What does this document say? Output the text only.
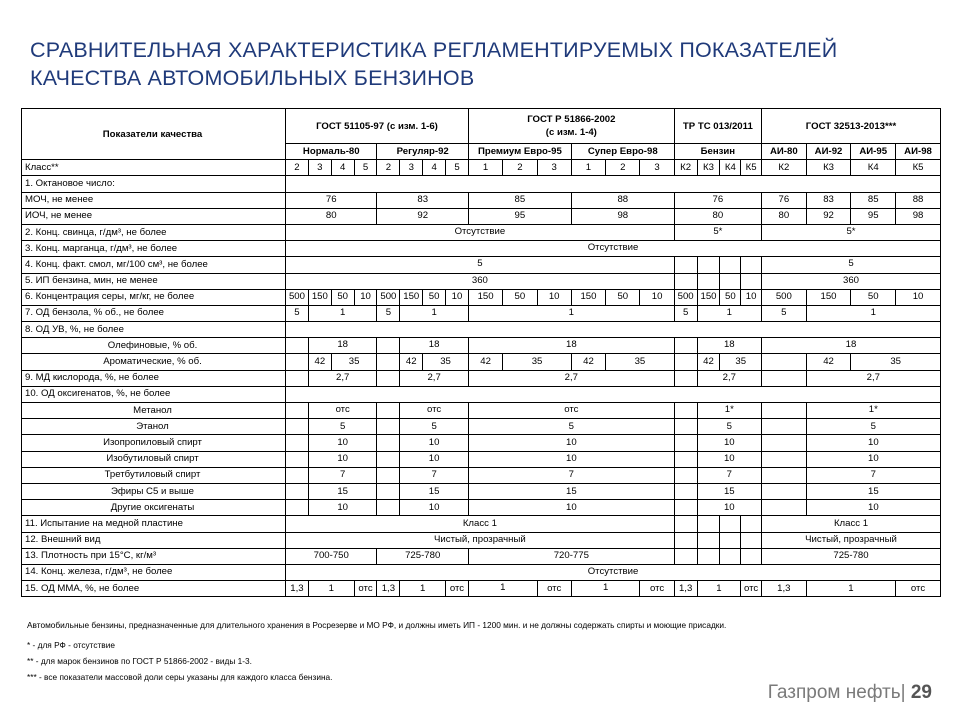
СРАВНИТЕЛЬНАЯ ХАРАКТЕРИСТИКА РЕГЛАМЕНТИРУЕМЫХ ПОКАЗАТЕЛЕЙ
КАЧЕСТВА АВТОМОБИЛЬНЫХ БЕНЗИНОВ
Показатели качества	ГОСТ 51105-97 (с изм. 1-6)								ГОСТ Р 51866-2002
(с изм. 1-4)						ТР ТС 013/2011				ГОСТ 32513-2013***			
	Нормаль-80				Регуляр-92				Премиум Евро-95			Супер Евро-98			Бензин				АИ-80	АИ-92	АИ-95	АИ-98
Класс**	2	3	4	5	2	3	4	5	1	2	3	1	2	3	К2	К3	К4	К5	К2	К3	К4	К5
1. Октановое число:																						
МОЧ, не менее	76				83				85			88			76				76	83	85	88
ИОЧ, не менее	80				92				95			98			80				80	92	95	98
2. Конц. свинца, г/дм³, не более	Отсутствие														5*				5*			
3. Конц. марганца, г/дм³, не более	Отсутствие																					
4. Конц. факт. смол, мг/100 см³, не более	5																		5			
5. ИП бензина, мин, не менее	360																		360			
6. Концентрация серы, мг/кг, не более	500	150	50	10	500	150	50	10	150	50	10	150	50	10	500	150	50	10	500	150	50	10
7. ОД бензола, % об., не более	5	1			5	1			1						5	1			5	1		
8. ОД УВ, %, не более																						
Олефиновые, % об.		18				18			18							18			18			
Ароматические, % об.		42	35			42	35		42	35		42	35			42	35			42	35	
9. МД кислорода, %, не более		2,7				2,7			2,7							2,7				2,7		
10. ОД оксигенатов, %, не более																						
Метанол		отс				отс			отс							1*				1*		
Этанол		5				5			5							5				5		
Изопропиловый спирт		10				10			10							10				10		
Изобутиловый спирт		10				10			10							10				10		
Третбутиловый спирт		7				7			7							7				7		
Эфиры С5 и выше		15				15			15							15				15		
Другие оксигенаты		10				10			10							10				10		
11. Испытание на медной пластине	Класс 1																		Класс 1			
12. Внешний вид	Чистый, прозрачный																		Чистый, прозрачный			
13. Плотность при 15°С, кг/м³	700-750				725-780				720-775										725-780			
14. Конц. железа, г/дм³, не более	Отсутствие																					
15. ОД ММА, %, не более	1,3	1		отс	1,3	1		отс	1		отс	1		отс	1,3	1		отс	1,3	1		отс
Автомобильные бензины, предназначенные для длительного хранения в Росрезерве и МО РФ, и должны иметь ИП - 1200 мин. и не должны содержать спирты и моющие присадки.
* - для РФ - отсутствие
** - для марок бензинов по ГОСТ Р 51866-2002 - виды 1-3.
*** - все показатели массовой доли серы указаны для каждого класса бензина.
Газпром нефть| 29
